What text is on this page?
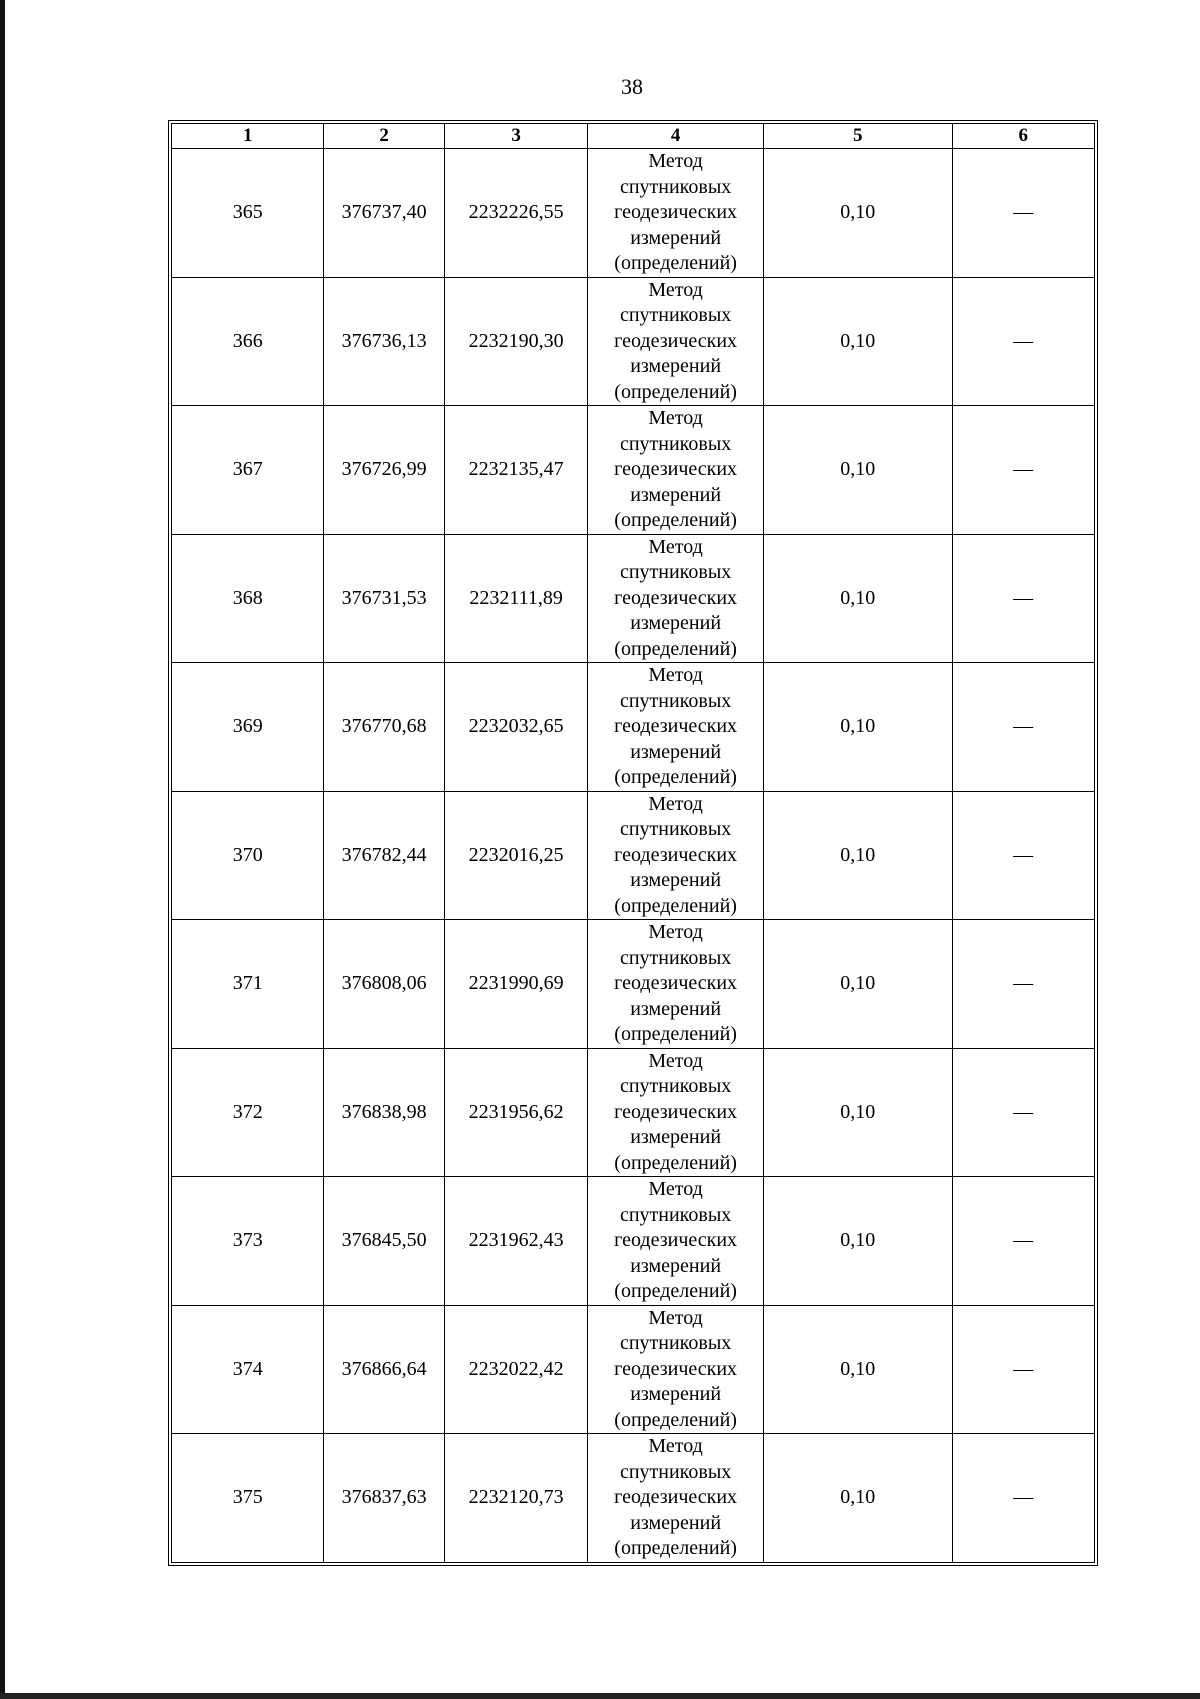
38
1	2	3	4	5	6
365	376737,40	2232226,55	Метод
спутниковых
геодезических
измерений
(определений)	0,10	—
366	376736,13	2232190,30	Метод
спутниковых
геодезических
измерений
(определений)	0,10	—
367	376726,99	2232135,47	Метод
спутниковых
геодезических
измерений
(определений)	0,10	—
368	376731,53	2232111,89	Метод
спутниковых
геодезических
измерений
(определений)	0,10	—
369	376770,68	2232032,65	Метод
спутниковых
геодезических
измерений
(определений)	0,10	—
370	376782,44	2232016,25	Метод
спутниковых
геодезических
измерений
(определений)	0,10	—
371	376808,06	2231990,69	Метод
спутниковых
геодезических
измерений
(определений)	0,10	—
372	376838,98	2231956,62	Метод
спутниковых
геодезических
измерений
(определений)	0,10	—
373	376845,50	2231962,43	Метод
спутниковых
геодезических
измерений
(определений)	0,10	—
374	376866,64	2232022,42	Метод
спутниковых
геодезических
измерений
(определений)	0,10	—
375	376837,63	2232120,73	Метод
спутниковых
геодезических
измерений
(определений)	0,10	—
